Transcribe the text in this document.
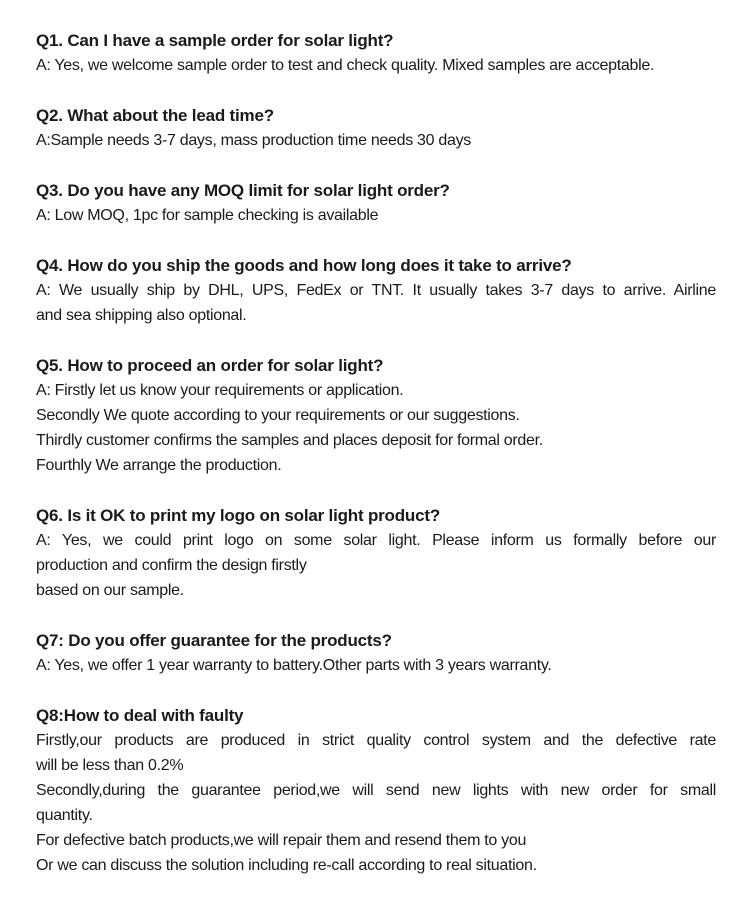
Q1. Can I have a sample order for solar light?
A: Yes, we welcome sample order to test and check quality. Mixed samples are acceptable.
Q2. What about the lead time?
A:Sample needs 3-7 days, mass production time needs 30 days
Q3. Do you have any MOQ limit for solar light order?
A: Low MOQ, 1pc for sample checking is available
Q4. How do you ship the goods and how long does it take to arrive?
A: We usually ship by DHL, UPS, FedEx or TNT. It usually takes 3-7 days to arrive. Airline
and sea shipping also optional.
Q5. How to proceed an order for solar light?
A: Firstly let us know your requirements or application.
Secondly We quote according to your requirements or our suggestions.
Thirdly customer confirms the samples and places deposit for formal order.
Fourthly We arrange the production.
Q6. Is it OK to print my logo on solar light product?
A: Yes, we could print logo on some solar light. Please inform us formally before our
production and confirm the design firstly
based on our sample.
Q7: Do you offer guarantee for the products?
A: Yes, we offer 1 year warranty to battery.Other parts with 3 years warranty.
Q8:How to deal with faulty
Firstly,our products are produced in strict quality control system and the defective rate
will be less than 0.2%
Secondly,during the guarantee period,we will send new lights with new order for small
quantity.
For defective batch products,we will repair them and resend them to you
Or we can discuss the solution including re-call according to real situation.
